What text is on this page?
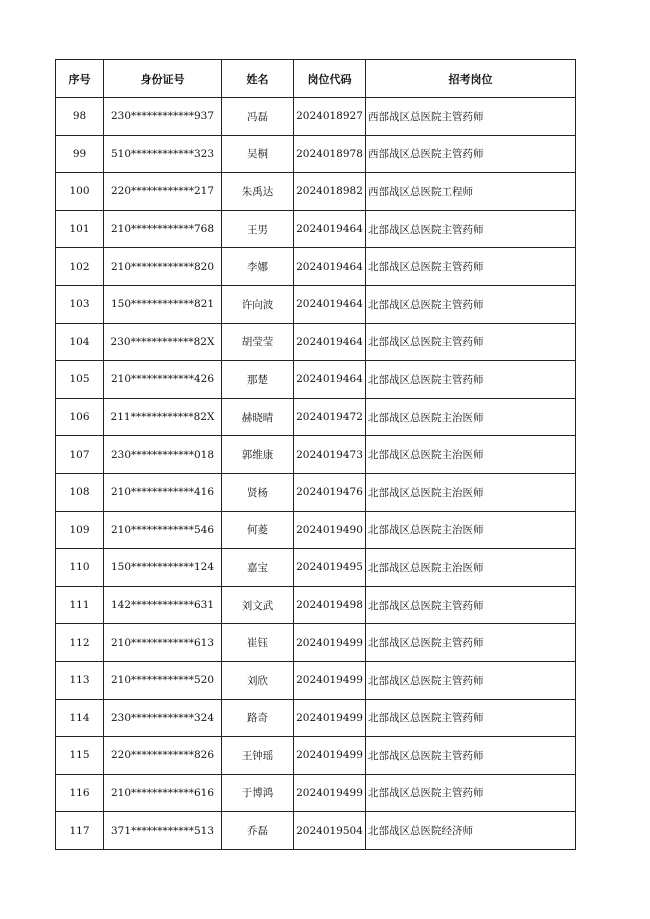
序号	身份证号	姓名	岗位代码	招考岗位
98	230************937	冯磊	2024018927	西部战区总医院主管药师
99	510************323	吴桐	2024018978	西部战区总医院主管药师
100	220************217	朱禹达	2024018982	西部战区总医院工程师
101	210************768	王男	2024019464	北部战区总医院主管药师
102	210************820	李娜	2024019464	北部战区总医院主管药师
103	150************821	许向波	2024019464	北部战区总医院主管药师
104	230************82X	胡莹莹	2024019464	北部战区总医院主管药师
105	210************426	那楚	2024019464	北部战区总医院主管药师
106	211************82X	赫晓晴	2024019472	北部战区总医院主治医师
107	230************018	郭维康	2024019473	北部战区总医院主治医师
108	210************416	贤杨	2024019476	北部战区总医院主治医师
109	210************546	何菱	2024019490	北部战区总医院主治医师
110	150************124	嘉宝	2024019495	北部战区总医院主治医师
111	142************631	刘文武	2024019498	北部战区总医院主管药师
112	210************613	崔钰	2024019499	北部战区总医院主管药师
113	210************520	刘欣	2024019499	北部战区总医院主管药师
114	230************324	路奇	2024019499	北部战区总医院主管药师
115	220************826	王钟瑶	2024019499	北部战区总医院主管药师
116	210************616	于博鸿	2024019499	北部战区总医院主管药师
117	371************513	乔磊	2024019504	北部战区总医院经济师
